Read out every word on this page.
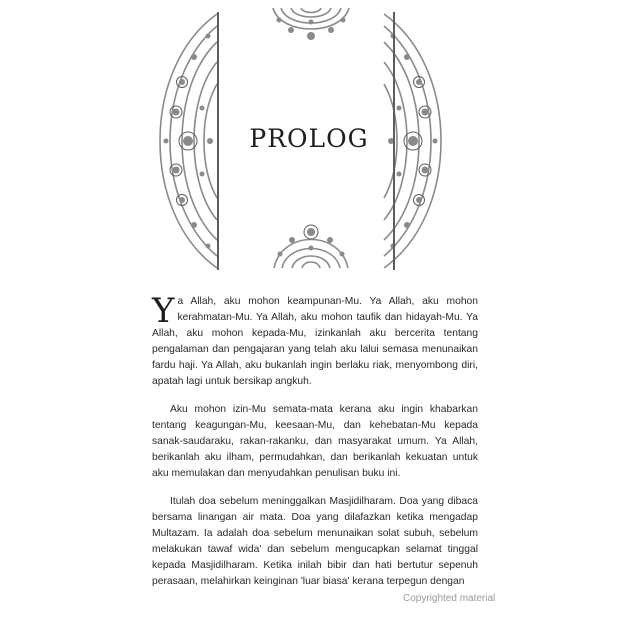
PROLOG

Ya Allah, aku mohon keampunan-Mu. Ya Allah, aku mohon kerahmatan-Mu. Ya Allah, aku mohon taufik dan hidayah-Mu. Ya Allah, aku mohon kepada-Mu, izinkanlah aku bercerita tentang pengalaman dan pengajaran yang telah aku lalui semasa menunaikan fardu haji. Ya Allah, aku bukanlah ingin berlaku riak, menyombong diri, apatah lagi untuk bersikap angkuh.

Aku mohon izin-Mu semata-mata kerana aku ingin khabarkan tentang keagungan-Mu, keesaan-Mu, dan kehebatan-Mu kepada sanak-saudaraku, rakan-rakanku, dan masyarakat umum. Ya Allah, berikanlah aku ilham, permudahkan, dan berikanlah kekuatan untuk aku memulakan dan menyudahkan penulisan buku ini.

Itulah doa sebelum meninggalkan Masjidilharam. Doa yang dibaca bersama linangan air mata. Doa yang dilafazkan ketika mengadap Multazam. Ia adalah doa sebelum menunaikan solat subuh, sebelum melakukan tawaf wida' dan sebelum mengucapkan selamat tinggal kepada Masjidilharam. Ketika inilah bibir dan hati bertutur sepenuh perasaan, melahirkan keinginan 'luar biasa' kerana terpegun dengan

Copyrighted material
